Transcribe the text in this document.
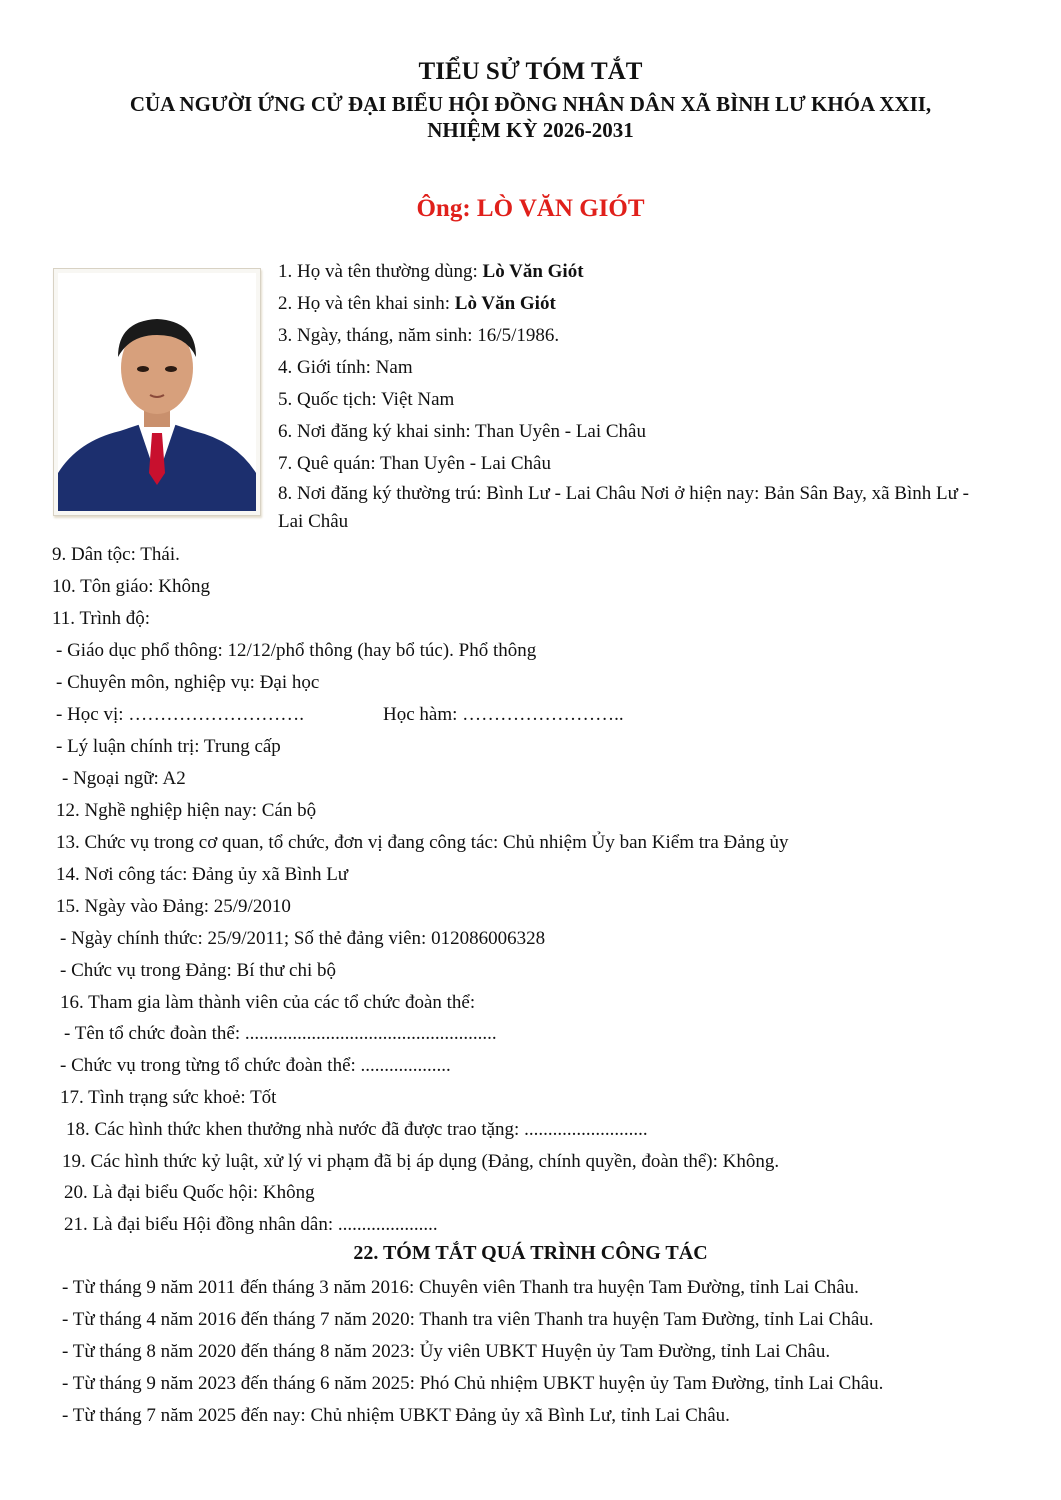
TIỂU SỬ TÓM TẮT
CỦA NGƯỜI ỨNG CỬ ĐẠI BIỂU HỘI ĐỒNG NHÂN DÂN XÃ BÌNH LƯ KHÓA XXII,
NHIỆM KỲ 2026-2031
Ông: LÒ VĂN GIÓT
1. Họ và tên thường dùng: Lò Văn Giót
2. Họ và tên khai sinh: Lò Văn Giót
3. Ngày, tháng, năm sinh: 16/5/1986.
4. Giới tính: Nam
5. Quốc tịch: Việt Nam
6. Nơi đăng ký khai sinh: Than Uyên - Lai Châu
7. Quê quán: Than Uyên - Lai Châu
8. Nơi đăng ký thường trú: Bình Lư - Lai Châu Nơi ở hiện nay: Bản Sân Bay, xã Bình Lư - Lai Châu
9. Dân tộc: Thái.
10. Tôn giáo: Không
11. Trình độ:
- Giáo dục phổ thông: 12/12/phổ thông (hay bổ túc). Phổ thông
- Chuyên môn, nghiệp vụ: Đại học
- Học vị: ……………………….	Học hàm: ……………………..
- Lý luận chính trị: Trung cấp
- Ngoại ngữ: A2
12. Nghề nghiệp hiện nay: Cán bộ
13. Chức vụ trong cơ quan, tổ chức, đơn vị đang công tác: Chủ nhiệm Ủy ban Kiểm tra Đảng ủy
14. Nơi công tác: Đảng ủy xã Bình Lư
15. Ngày vào Đảng: 25/9/2010
- Ngày chính thức: 25/9/2011; Số thẻ đảng viên: 012086006328
- Chức vụ trong Đảng: Bí thư chi bộ
16. Tham gia làm thành viên của các tổ chức đoàn thể:
- Tên tổ chức đoàn thể: .....................................................
- Chức vụ trong từng tổ chức đoàn thể: ...................
17. Tình trạng sức khoẻ: Tốt
18. Các hình thức khen thưởng nhà nước đã được trao tặng: ..........................
19. Các hình thức kỷ luật, xử lý vi phạm đã bị áp dụng (Đảng, chính quyền, đoàn thể): Không.
20. Là đại biểu Quốc hội: Không
21. Là đại biểu Hội đồng nhân dân: .....................
22. TÓM TẮT QUÁ TRÌNH CÔNG TÁC
- Từ tháng 9 năm 2011 đến tháng 3 năm 2016: Chuyên viên Thanh tra huyện Tam Đường, tỉnh Lai Châu.
- Từ tháng 4 năm 2016 đến tháng 7 năm 2020: Thanh tra viên Thanh tra huyện Tam Đường, tỉnh Lai Châu.
- Từ tháng 8 năm 2020 đến tháng 8 năm 2023: Ủy viên UBKT Huyện ủy Tam Đường, tỉnh Lai Châu.
- Từ tháng 9 năm 2023 đến tháng 6 năm 2025: Phó Chủ nhiệm UBKT huyện ủy Tam Đường, tỉnh Lai Châu.
- Từ tháng 7 năm 2025 đến nay: Chủ nhiệm UBKT Đảng ủy xã Bình Lư, tỉnh Lai Châu.
